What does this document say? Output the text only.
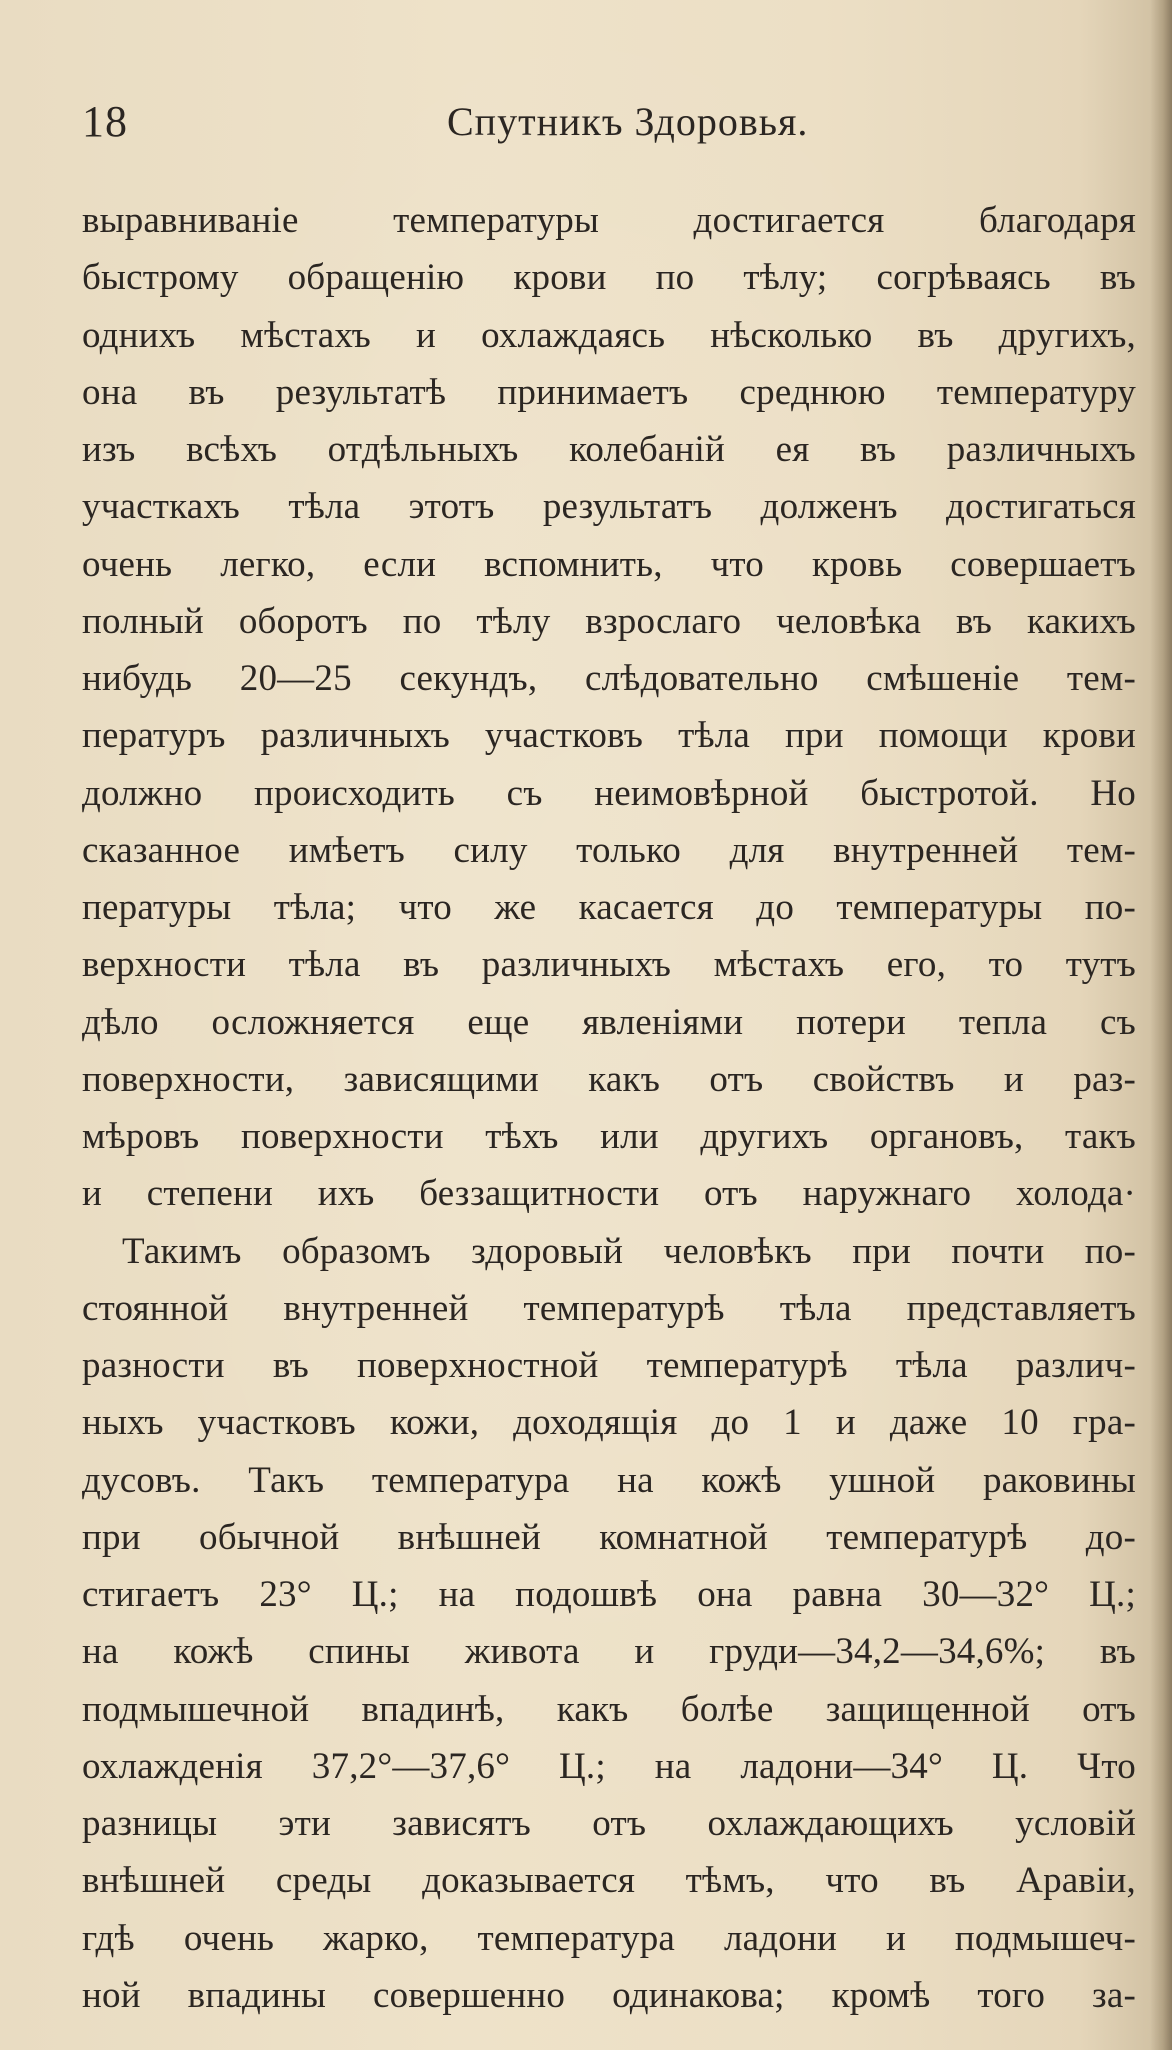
18	Спутникъ Здоровья.
выравниванiе температуры достигается благодаря
быстрому обращенiю крови по тѣлу; согрѣваясь въ
однихъ мѣстахъ и охлаждаясь нѣсколько въ другихъ,
она въ результатѣ принимаетъ среднюю температуру
изъ всѣхъ отдѣльныхъ колебанiй ея въ различныхъ
участкахъ тѣла этотъ результатъ долженъ достигаться
очень легко, если вспомнить, что кровь совершаетъ
полный оборотъ по тѣлу взрослаго человѣка въ какихъ
нибудь 20—25 секундъ, слѣдовательно смѣшенiе тем-
пературъ различныхъ участковъ тѣла при помощи крови
должно происходить съ неимовѣрной быстротой. Но
сказанное имѣетъ силу только для внутренней тем-
пературы тѣла; что же касается до температуры по-
верхности тѣла въ различныхъ мѣстахъ его, то тутъ
дѣло осложняется еще явленiями потери тепла съ
поверхности, зависящими какъ отъ свойствъ и раз-
мѣровъ поверхности тѣхъ или другихъ органовъ, такъ
и степени ихъ беззащитности отъ наружнаго холода·
Такимъ образомъ здоровый человѣкъ при почти по-
стоянной внутренней температурѣ тѣла представляетъ
разности въ поверхностной температурѣ тѣла различ-
ныхъ участковъ кожи, доходящiя до 1 и даже 10 гра-
дусовъ. Такъ температура на кожѣ ушной раковины
при обычной внѣшней комнатной температурѣ до-
стигаетъ 23° Ц.; на подошвѣ она равна 30—32° Ц.;
на кожѣ спины живота и груди—34,2—34,6%; въ
подмышечной впадинѣ, какъ болѣе защищенной отъ
охлажденiя 37,2°—37,6° Ц.; на ладони—34° Ц. Что
разницы эти зависятъ отъ охлаждающихъ условiй
внѣшней среды доказывается тѣмъ, что въ Аравiи,
гдѣ очень жарко, температура ладони и подмышеч-
ной впадины совершенно одинакова; кромѣ того за-
